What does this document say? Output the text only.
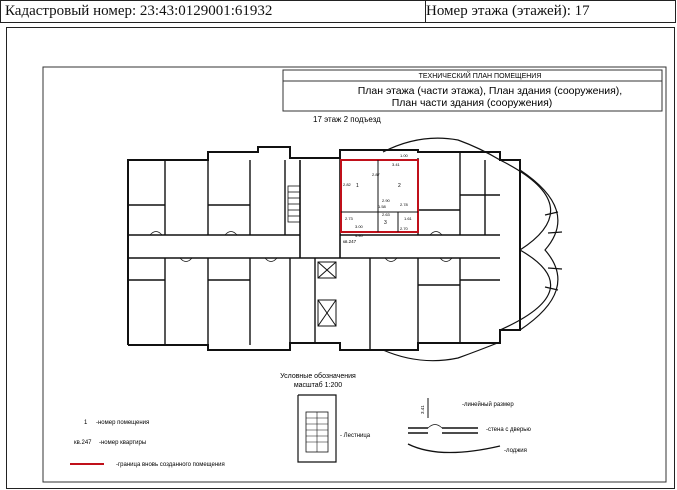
Кадастровый номер: 23:43:0129001:61932	Номер этажа (этажей): 17
ТЕХНИЧЕСКИЙ ПЛАН ПОМЕЩЕНИЯ
План этажа (части этажа), План здания (сооружения),
План части здания (сооружения)
17 этаж 2 подъезд
1	2
3
2.82
2.87
3.41
2.73
3.00
4.40
1.61
2.78
2.70
2.63
1.00
1.58
2.90
кв.247
Условные обозначения
масштаб 1:200
1 -номер помещения
кв.247 -номер квартиры
-граница вновь созданного помещения
- Лестница
3.41
-линейный размер
-стена с дверью
-лоджия
